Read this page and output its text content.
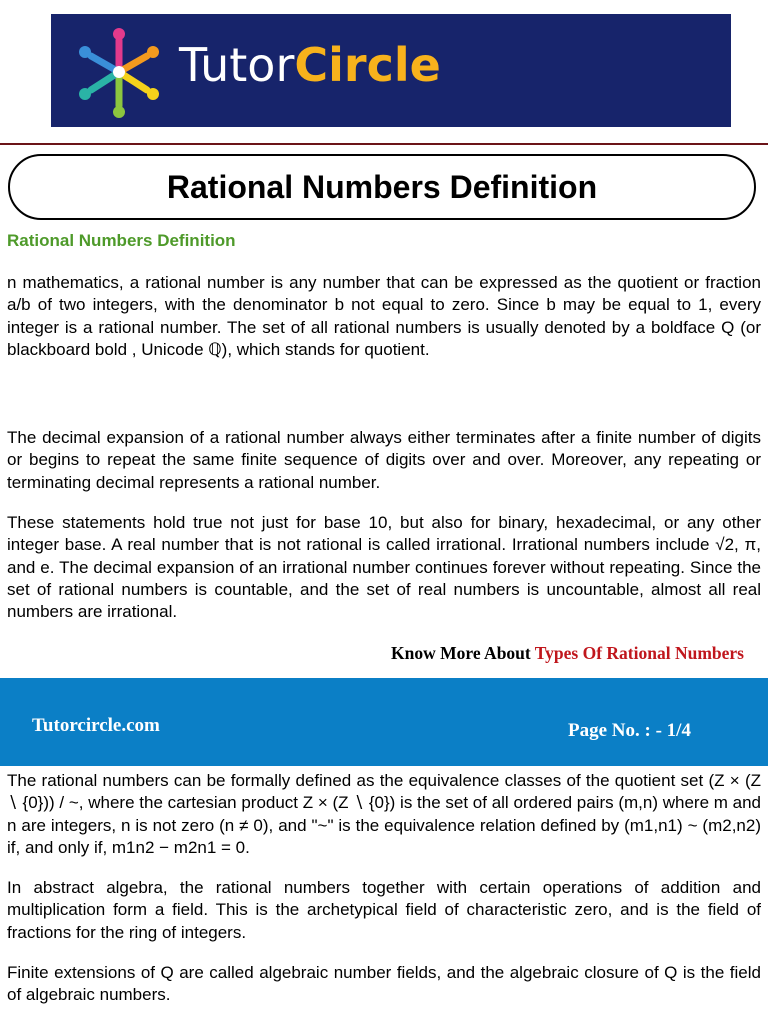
TutorCircle
Rational Numbers Definition
Rational Numbers Definition

n mathematics, a rational number is any number that can be expressed as the quotient or fraction a/b of two integers, with the denominator b not equal to zero. Since b may be equal to 1, every integer is a rational number. The set of all rational numbers is usually denoted by a boldface Q (or blackboard bold , Unicode ℚ), which stands for quotient.

The decimal expansion of a rational number always either terminates after a finite number of digits or begins to repeat the same finite sequence of digits over and over. Moreover, any repeating or terminating decimal represents a rational number.

These statements hold true not just for base 10, but also for binary, hexadecimal, or any other integer base. A real number that is not rational is called irrational. Irrational numbers include √2, π, and e. The decimal expansion of an irrational number continues forever without repeating. Since the set of rational numbers is countable, and the set of real numbers is uncountable, almost all real numbers are irrational.

Know More About Types Of Rational Numbers
Tutorcircle.com	Page No. : - 1/4

The rational numbers can be formally defined as the equivalence classes of the quotient set (Z × (Z ∖ {0})) / ~, where the cartesian product Z × (Z ∖ {0}) is the set of all ordered pairs (m,n) where m and n are integers, n is not zero (n ≠ 0), and "~" is the equivalence relation defined by (m1,n1) ~ (m2,n2) if, and only if, m1n2 − m2n1 = 0.

In abstract algebra, the rational numbers together with certain operations of addition and multiplication form a field. This is the archetypical field of characteristic zero, and is the field of fractions for the ring of integers.

Finite extensions of Q are called algebraic number fields, and the algebraic closure of Q is the field of algebraic numbers.
